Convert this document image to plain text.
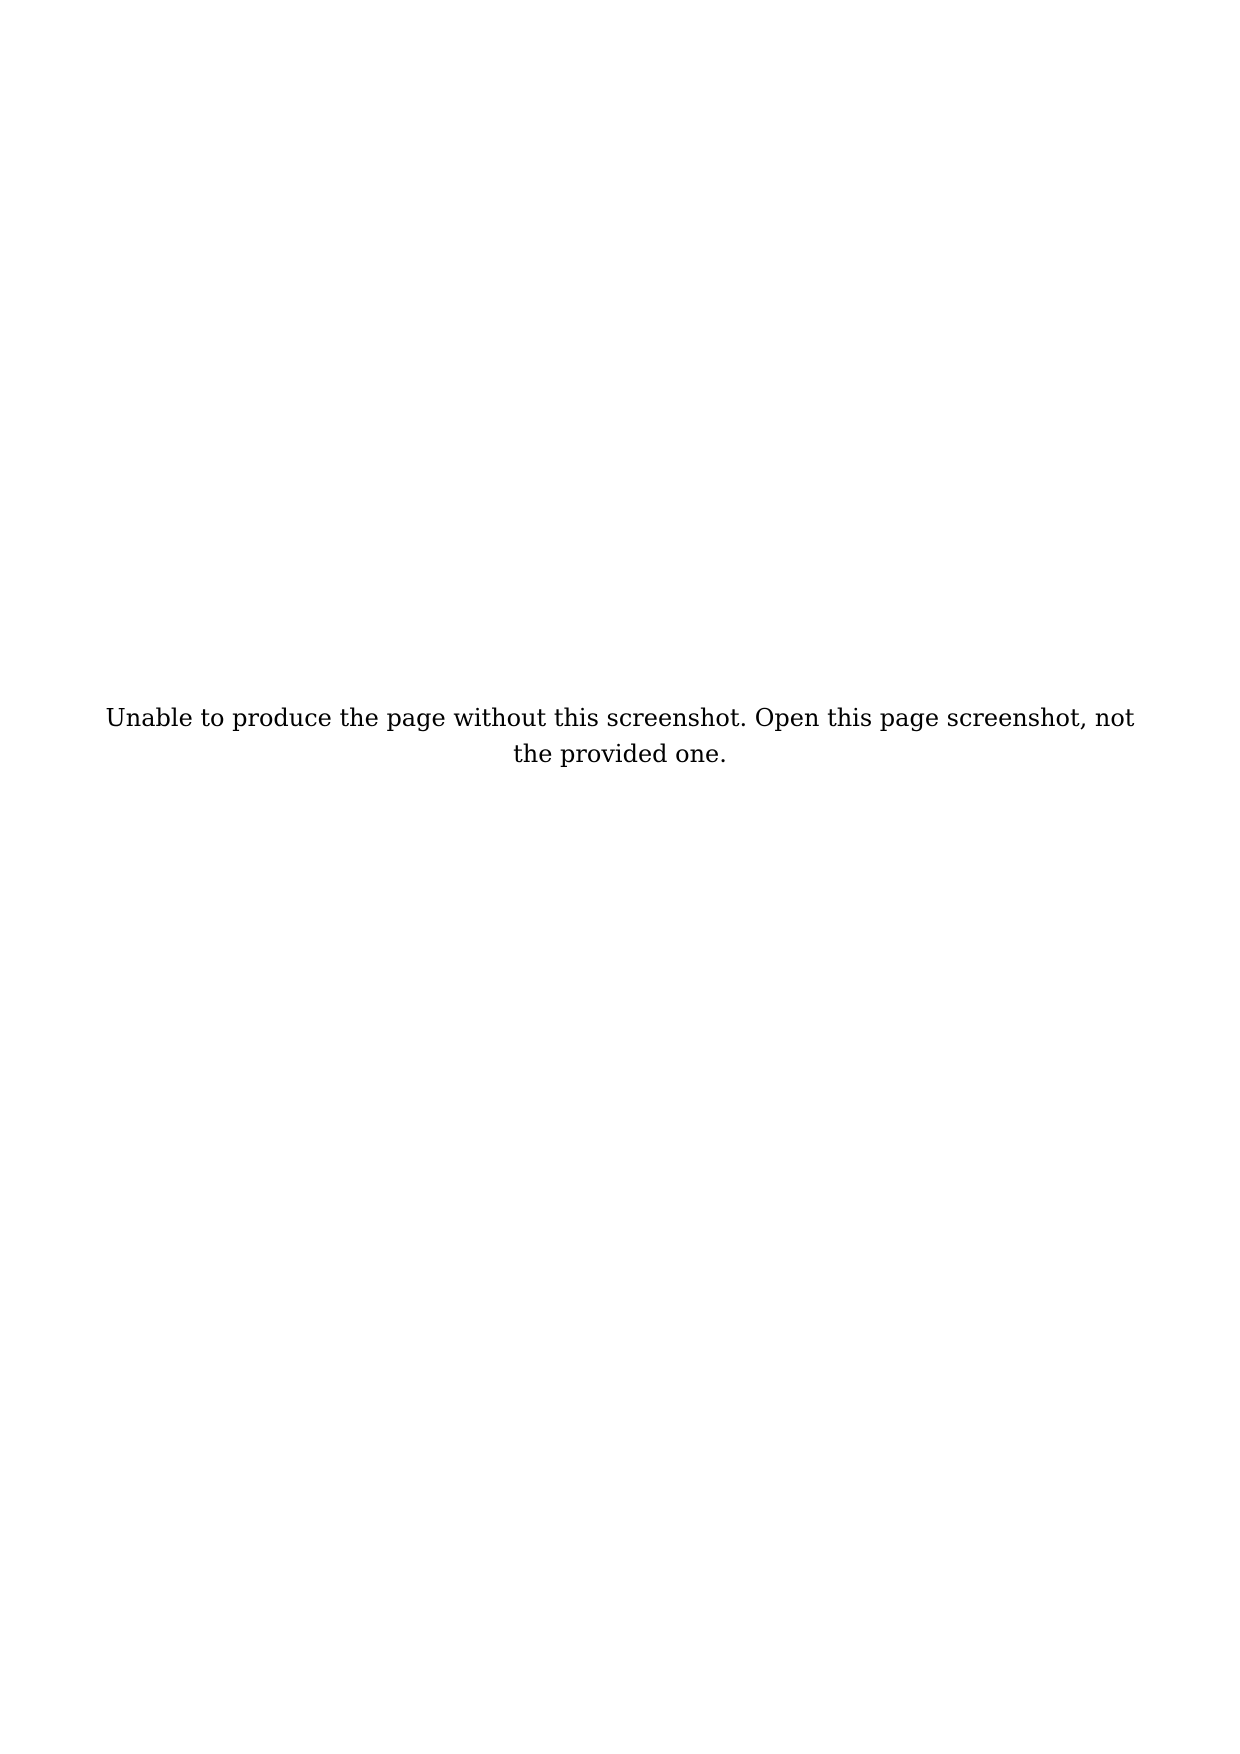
Unable to produce the page without this screenshot. Open this page screenshot, not the provided one.
